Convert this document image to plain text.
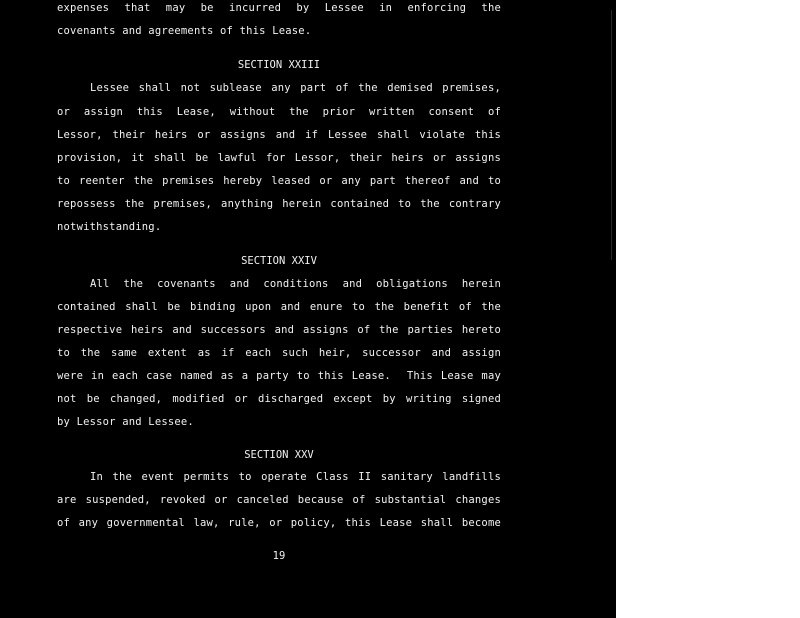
expenses that may be incurred by Lessee in enforcing the
covenants and agreements of this Lease.
SECTION XXIII
Lessee shall not sublease any part of the demised premises,
or assign this Lease, without the prior written consent of
Lessor, their heirs or assigns and if Lessee shall violate this
provision, it shall be lawful for Lessor, their heirs or assigns
to reenter the premises hereby leased or any part thereof and to
repossess the premises, anything herein contained to the contrary
notwithstanding.
SECTION XXIV
All the covenants and conditions and obligations herein
contained shall be binding upon and enure to the benefit of the
respective heirs and successors and assigns of the parties hereto
to the same extent as if each such heir, successor and assign
were in each case named as a party to this Lease.  This Lease may
not be changed, modified or discharged except by writing signed
by Lessor and Lessee.
SECTION XXV
In the event permits to operate Class II sanitary landfills
are suspended, revoked or canceled because of substantial changes
of any governmental law, rule, or policy, this Lease shall become
19
